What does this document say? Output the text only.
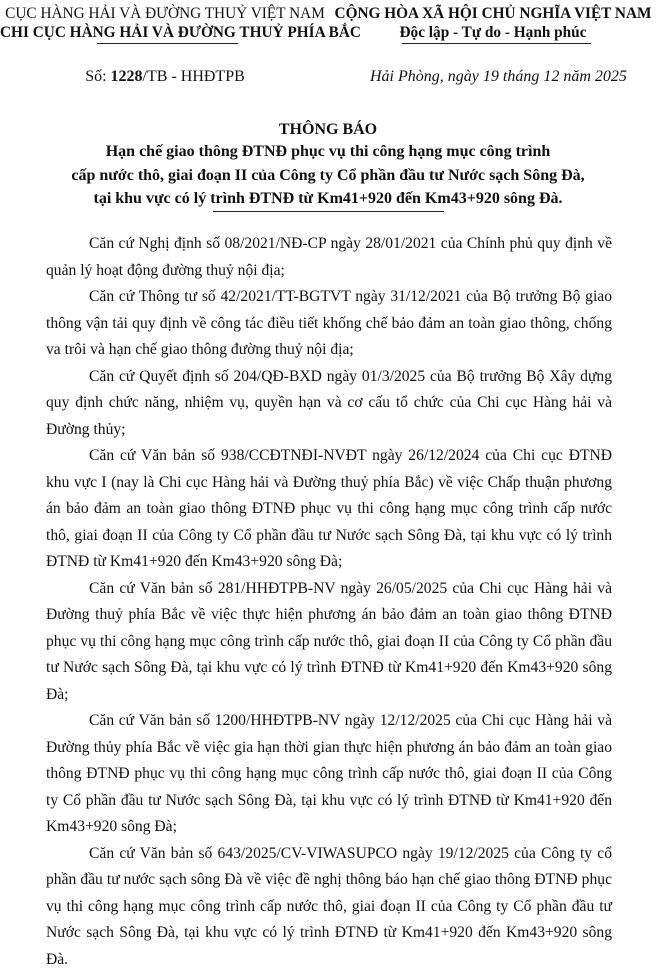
CỤC HÀNG HẢI VÀ ĐƯỜNG THUỶ VIỆT NAM
CHI CỤC HÀNG HẢI VÀ ĐƯỜNG THUỶ PHÍA BẮC
CỘNG HÒA XÃ HỘI CHỦ NGHĨA VIỆT NAM
Độc lập - Tự do - Hạnh phúc
Số: 1228/TB - HHĐTPB	Hải Phòng, ngày 19 tháng 12 năm 2025
THÔNG BÁO
Hạn chế giao thông ĐTNĐ phục vụ thi công hạng mục công trình
cấp nước thô, giai đoạn II của Công ty Cổ phần đầu tư Nước sạch Sông Đà,
tại khu vực có lý trình ĐTNĐ từ Km41+920 đến Km43+920 sông Đà.

Căn cứ Nghị định số 08/2021/NĐ-CP ngày 28/01/2021 của Chính phủ quy định về quản lý hoạt động đường thuỷ nội địa;

Căn cứ Thông tư số 42/2021/TT-BGTVT ngày 31/12/2021 của Bộ trưởng Bộ giao thông vận tải quy định về công tác điều tiết khống chế bảo đảm an toàn giao thông, chống va trôi và hạn chế giao thông đường thuỷ nội địa;

Căn cứ Quyết định số 204/QĐ-BXD ngày 01/3/2025 của Bộ trưởng Bộ Xây dựng quy định chức năng, nhiệm vụ, quyền hạn và cơ cấu tổ chức của Chi cục Hàng hải và Đường thủy;

Căn cứ Văn bản số 938/CCĐTNĐI-NVĐT ngày 26/12/2024 của Chi cục ĐTNĐ khu vực I (nay là Chi cục Hàng hải và Đường thuỷ phía Bắc) về việc Chấp thuận phương án bảo đảm an toàn giao thông ĐTNĐ phục vụ thi công hạng mục công trình cấp nước thô, giai đoạn II của Công ty Cổ phần đầu tư Nước sạch Sông Đà, tại khu vực có lý trình ĐTNĐ từ Km41+920 đến Km43+920 sông Đà;

Căn cứ Văn bản số 281/HHĐTPB-NV ngày 26/05/2025 của Chi cục Hàng hải và Đường thuỷ phía Bắc về việc thực hiện phương án bảo đảm an toàn giao thông ĐTNĐ phục vụ thi công hạng mục công trình cấp nước thô, giai đoạn II của Công ty Cổ phần đầu tư Nước sạch Sông Đà, tại khu vực có lý trình ĐTNĐ từ Km41+920 đến Km43+920 sông Đà;

Căn cứ Văn bản số 1200/HHĐTPB-NV ngày 12/12/2025 của Chi cục Hàng hải và Đường thủy phía Bắc về việc gia hạn thời gian thực hiện phương án bảo đảm an toàn giao thông ĐTNĐ phục vụ thi công hạng mục công trình cấp nước thô, giai đoạn II của Công ty Cổ phần đầu tư Nước sạch Sông Đà, tại khu vực có lý trình ĐTNĐ từ Km41+920 đến Km43+920 sông Đà;

Căn cứ Văn bản số 643/2025/CV-VIWASUPCO ngày 19/12/2025 của Công ty cổ phần đầu tư nước sạch sông Đà về việc đề nghị thông báo hạn chế giao thông ĐTNĐ phục vụ thi công hạng mục công trình cấp nước thô, giai đoạn II của Công ty Cổ phần đầu tư Nước sạch Sông Đà, tại khu vực có lý trình ĐTNĐ từ Km41+920 đến Km43+920 sông Đà.
